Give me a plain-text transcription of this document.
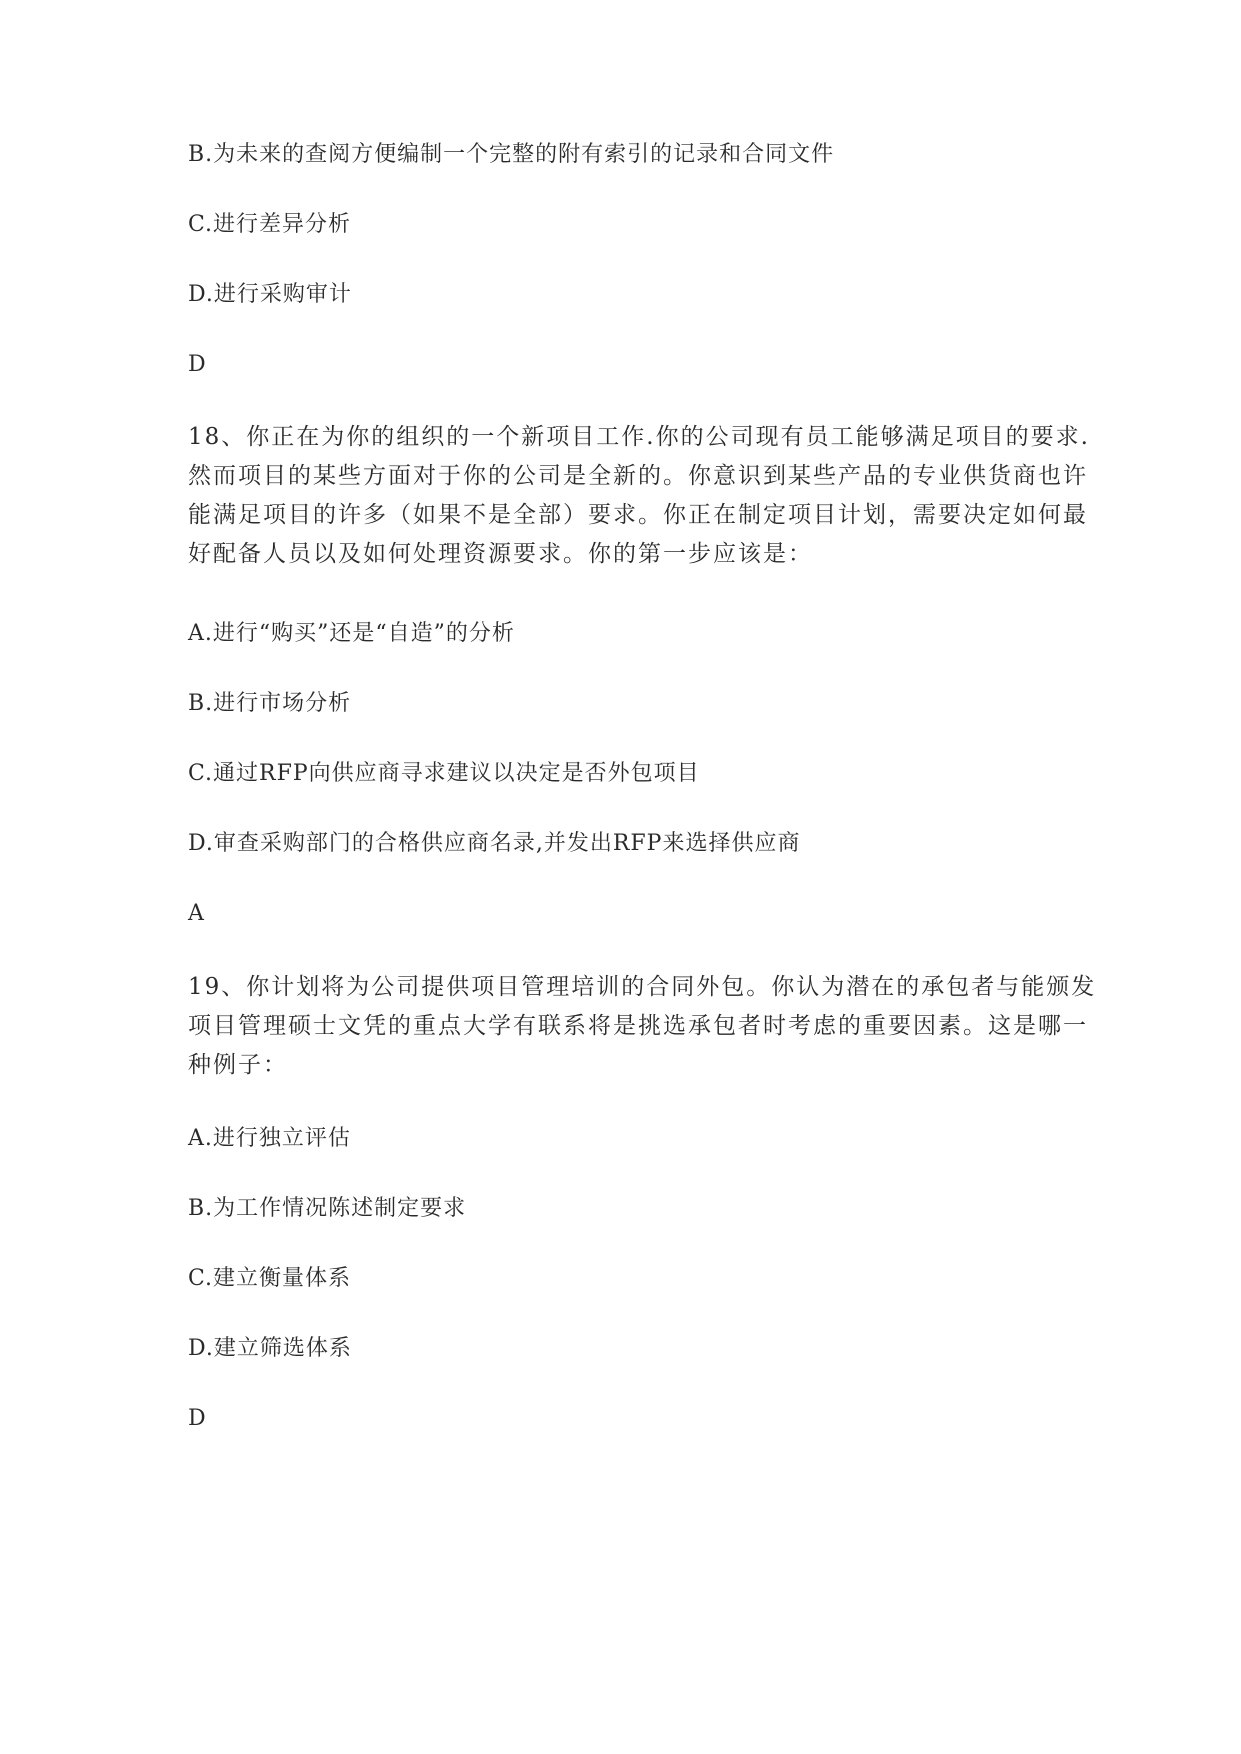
B.为未来的查阅方便编制一个完整的附有索引的记录和合同文件
C.进行差异分析
D.进行采购审计
D
18、你正在为你的组织的一个新项目工作.你的公司现有员工能够满足项目的要求.
然而项目的某些方面对于你的公司是全新的。你意识到某些产品的专业供货商也许
能满足项目的许多（如果不是全部）要求。你正在制定项目计划，需要决定如何最
好配备人员以及如何处理资源要求。你的第一步应该是：
A.进行“购买”还是“自造”的分析
B.进行市场分析
C.通过RFP向供应商寻求建议以决定是否外包项目
D.审查采购部门的合格供应商名录,并发出RFP来选择供应商
A
19、你计划将为公司提供项目管理培训的合同外包。你认为潜在的承包者与能颁发
项目管理硕士文凭的重点大学有联系将是挑选承包者时考虑的重要因素。这是哪一
种例子：
A.进行独立评估
B.为工作情况陈述制定要求
C.建立衡量体系
D.建立筛选体系
D
